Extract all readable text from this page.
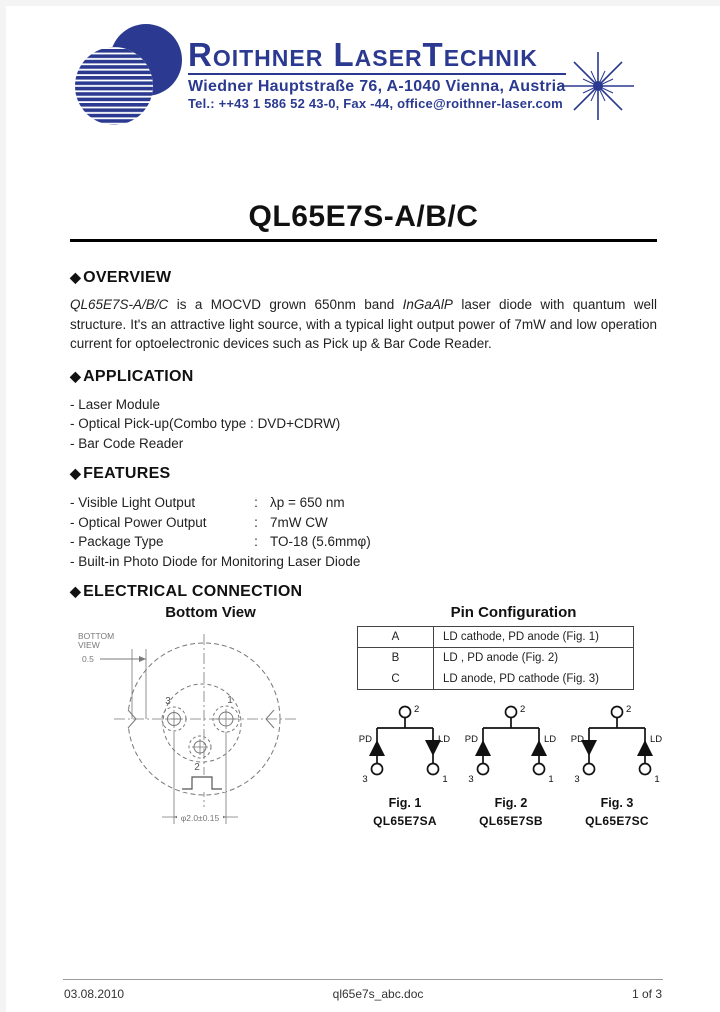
Roithner LaserTechnik
Wiedner Hauptstraße 76, A-1040 Vienna, Austria
Tel.: ++43 1 586 52 43-0, Fax -44, office@roithner-laser.com
QL65E7S-A/B/C
◆ OVERVIEW

QL65E7S-A/B/C is a MOCVD grown 650nm band InGaAlP laser diode with quantum well structure. It's an attractive light source, with a typical light output power of 7mW and low operation current for optoelectronic devices such as Pick up & Bar Code Reader.

◆ APPLICATION
- Laser Module
- Optical Pick-up(Combo type : DVD+CDRW)
- Bar Code Reader
◆ FEATURES
- Visible Light Output	: λp = 650 nm
- Optical Power Output	: 7mW CW
- Package Type	: TO-18 (5.6mmφ)
- Built-in Photo Diode for Monitoring Laser Diode
◆ ELECTRICAL CONNECTION
Bottom View	Pin Configuration
BOTTOM
VIEW
0.5
φ2.0±0.15
3	1
2
A	LD cathode, PD anode (Fig. 1)
B	LD , PD anode (Fig. 2)
C	LD anode, PD cathode (Fig. 3)
2
PD	LD
3	1
Fig. 1
QL65E7SA
2
PD	LD
3	1
Fig. 2
QL65E7SB
2
PD	LD
3	1
Fig. 3
QL65E7SC
03.08.2010	ql65e7s_abc.doc	1 of 3
